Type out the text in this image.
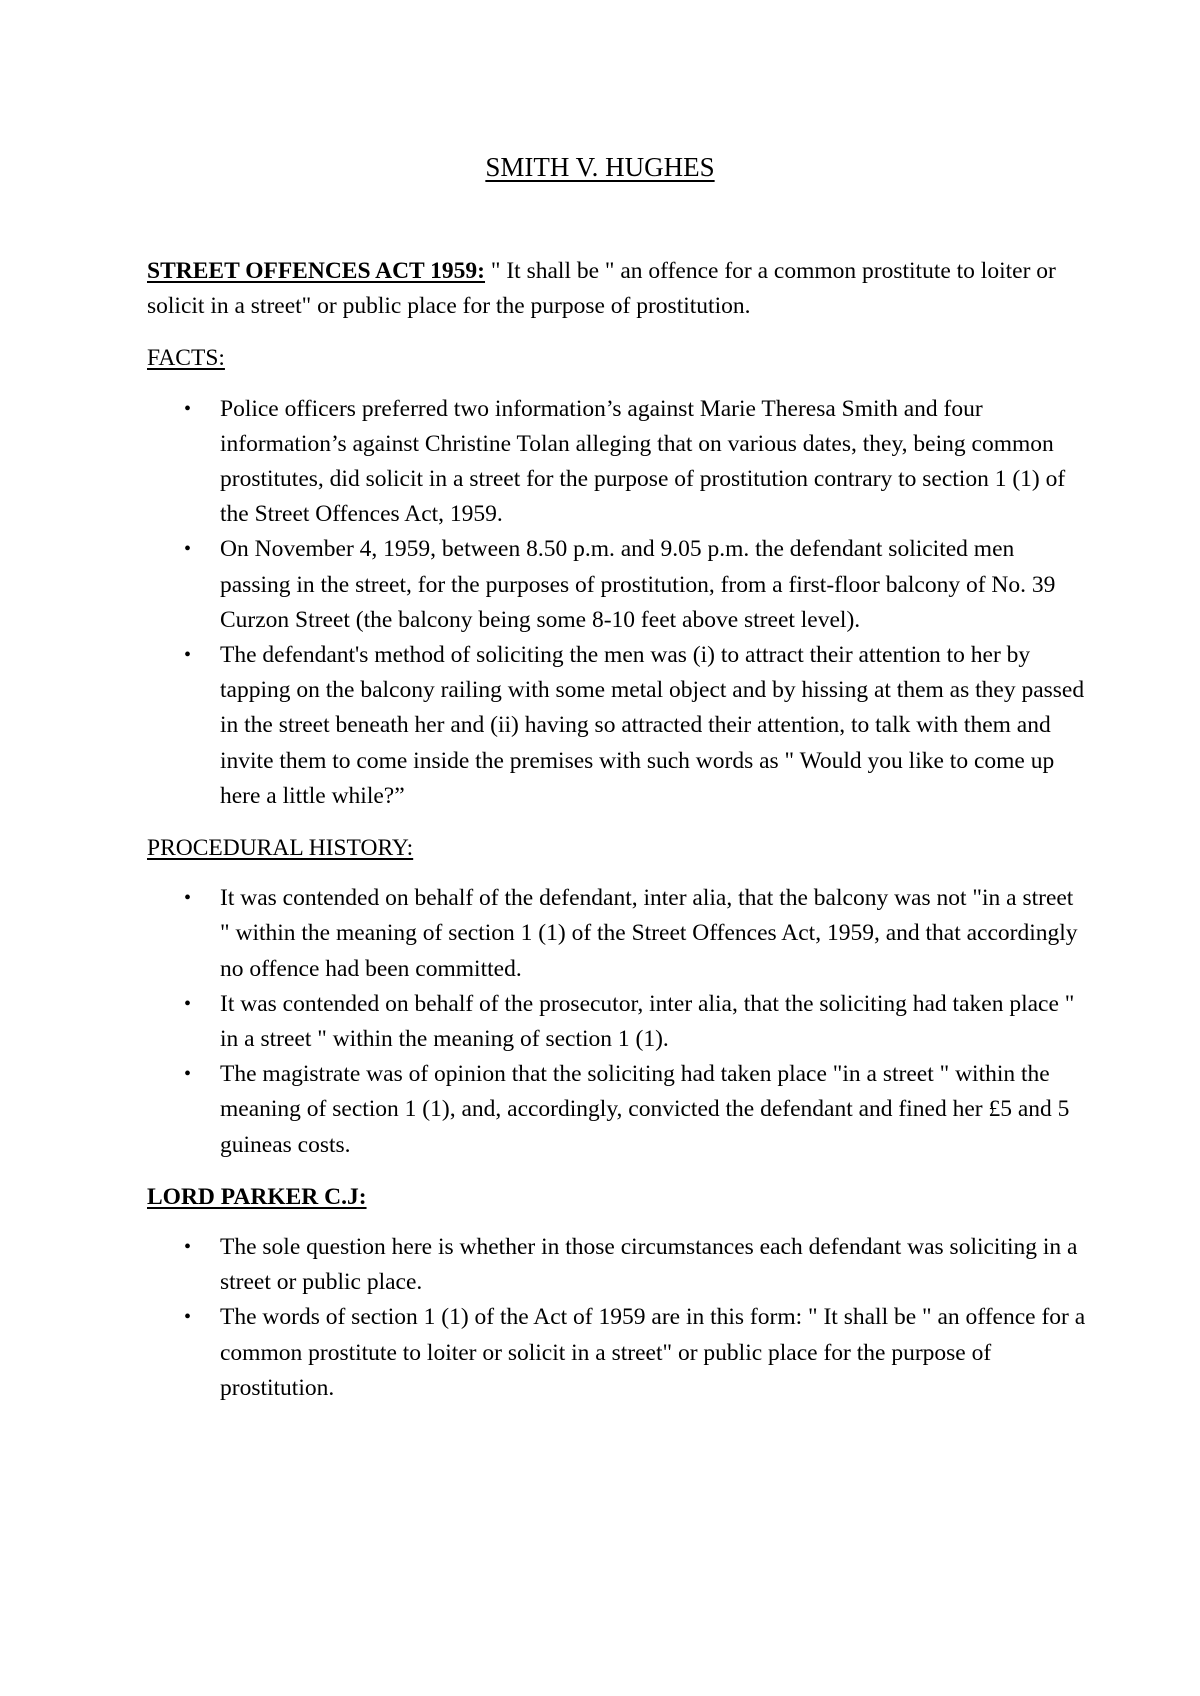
SMITH V. HUGHES

STREET OFFENCES ACT 1959: " It shall be " an offence for a common prostitute to loiter or solicit in a street" or public place for the purpose of prostitution.

FACTS:

• Police officers preferred two information’s against Marie Theresa Smith and four information’s against Christine Tolan alleging that on various dates, they, being common prostitutes, did solicit in a street for the purpose of prostitution contrary to section 1 (1) of the Street Offences Act, 1959.
• On November 4, 1959, between 8.50 p.m. and 9.05 p.m. the defendant solicited men passing in the street, for the purposes of prostitution, from a first-floor balcony of No. 39 Curzon Street (the balcony being some 8-10 feet above street level).
• The defendant's method of soliciting the men was (i) to attract their attention to her by tapping on the balcony railing with some metal object and by hissing at them as they passed in the street beneath her and (ii) having so attracted their attention, to talk with them and invite them to come inside the premises with such words as " Would you like to come up here a little while?”

PROCEDURAL HISTORY:

• It was contended on behalf of the defendant, inter alia, that the balcony was not "in a street " within the meaning of section 1 (1) of the Street Offences Act, 1959, and that accordingly no offence had been committed.
• It was contended on behalf of the prosecutor, inter alia, that the soliciting had taken place " in a street " within the meaning of section 1 (1).
• The magistrate was of opinion that the soliciting had taken place "in a street " within the meaning of section 1 (1), and, accordingly, convicted the defendant and fined her £5 and 5 guineas costs.

LORD PARKER C.J:

• The sole question here is whether in those circumstances each defendant was soliciting in a street or public place.
• The words of section 1 (1) of the Act of 1959 are in this form: " It shall be " an offence for a common prostitute to loiter or solicit in a street" or public place for the purpose of prostitution.
